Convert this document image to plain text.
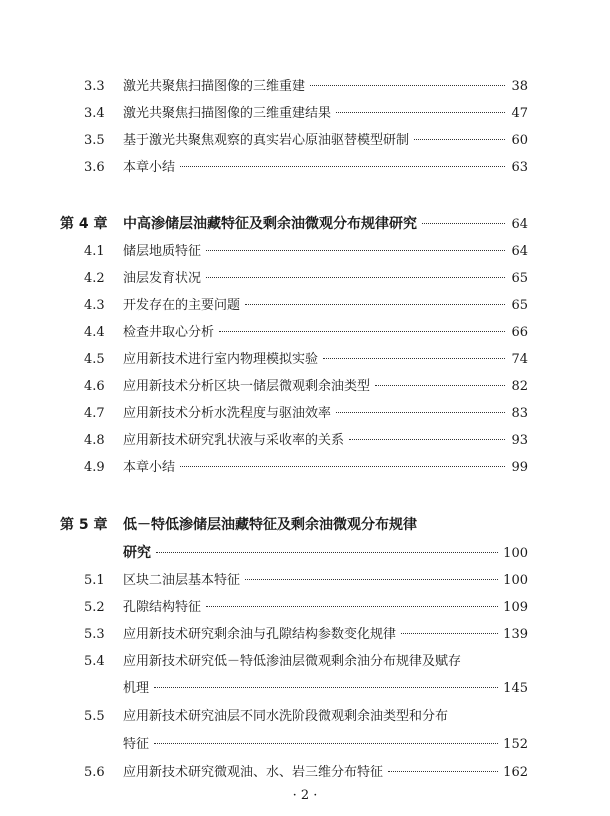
3.3	激光共聚焦扫描图像的三维重建	38
3.4	激光共聚焦扫描图像的三维重建结果	47
3.5	基于激光共聚焦观察的真实岩心原油驱替模型研制	60
3.6	本章小结	63
第 4 章	中高渗储层油藏特征及剩余油微观分布规律研究	64
4.1	储层地质特征	64
4.2	油层发育状况	65
4.3	开发存在的主要问题	65
4.4	检查井取心分析	66
4.5	应用新技术进行室内物理模拟实验	74
4.6	应用新技术分析区块一储层微观剩余油类型	82
4.7	应用新技术分析水洗程度与驱油效率	83
4.8	应用新技术研究乳状液与采收率的关系	93
4.9	本章小结	99
第 5 章	低－特低渗储层油藏特征及剩余油微观分布规律
研究	100
5.1	区块二油层基本特征	100
5.2	孔隙结构特征	109
5.3	应用新技术研究剩余油与孔隙结构参数变化规律	139
5.4	应用新技术研究低－特低渗油层微观剩余油分布规律及赋存
机理	145
5.5	应用新技术研究油层不同水洗阶段微观剩余油类型和分布
特征	152
5.6	应用新技术研究微观油、水、岩三维分布特征	162
· 2 ·
